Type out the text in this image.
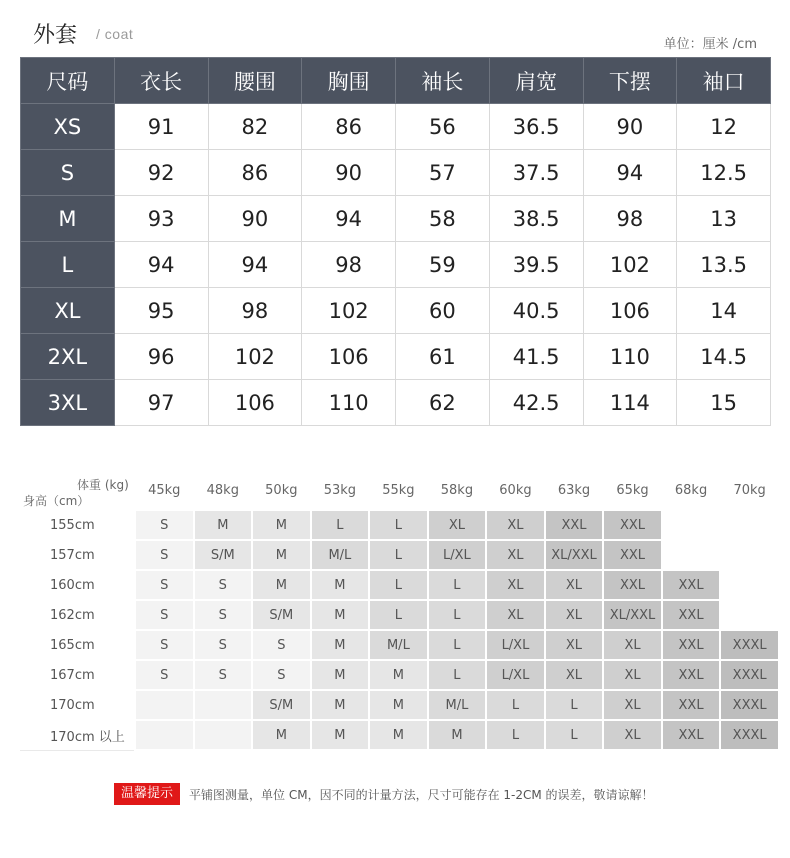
外套 / coat
单位：厘米 /cm
尺码	衣长	腰围	胸围	袖长	肩宽	下摆	袖口
XS	91	82	86	56	36.5	90	12
S	92	86	90	57	37.5	94	12.5
M	93	90	94	58	38.5	98	13
L	94	94	98	59	39.5	102	13.5
XL	95	98	102	60	40.5	106	14
2XL	96	102	106	61	41.5	110	14.5
3XL	97	106	110	62	42.5	114	15
体重 (kg)
身高（cm）	45kg	48kg	50kg	53kg	55kg	58kg	60kg	63kg	65kg	68kg	70kg
155cm	S	M	M	L	L	XL	XL	XXL	XXL		
157cm	S	S/M	M	M/L	L	L/XL	XL	XL/XXL	XXL		
160cm	S	S	M	M	L	L	XL	XL	XXL	XXL	
162cm	S	S	S/M	M	L	L	XL	XL	XL/XXL	XXL	
165cm	S	S	S	M	M/L	L	L/XL	XL	XL	XXL	XXXL
167cm	S	S	S	M	M	L	L/XL	XL	XL	XXL	XXXL
170cm			S/M	M	M	M/L	L	L	XL	XXL	XXXL
170cm 以上			M	M	M	M	L	L	XL	XXL	XXXL
温馨提示	平铺图测量，单位 CM，因不同的计量方法，尺寸可能存在 1-2CM 的误差，敬请谅解！
